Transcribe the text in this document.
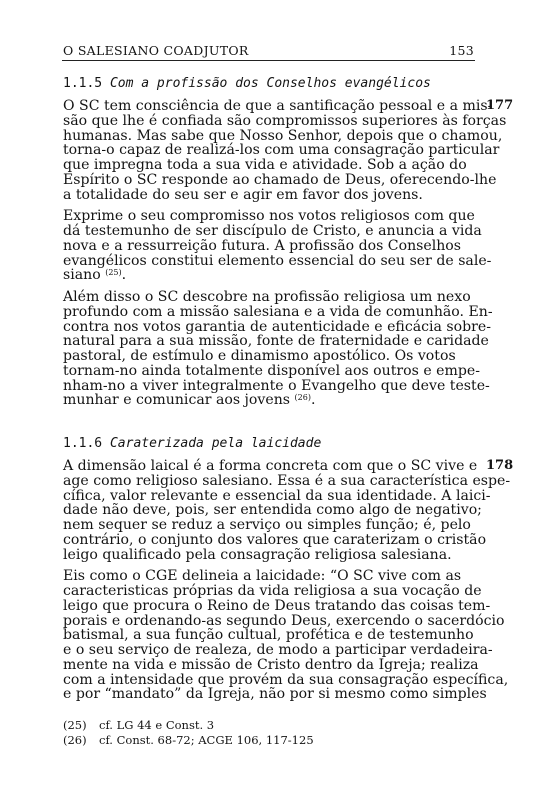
O SALESIANO COADJUTOR	153
1.1.5 Com a profissão dos Conselhos evangélicos
177
O SC tem consciência de que a santificação pessoal e a mis-
são que lhe é confiada são compromissos superiores às forças
humanas. Mas sabe que Nosso Senhor, depois que o chamou,
torna-o capaz de realizá-los com uma consagração particular
que impregna toda a sua vida e atividade. Sob a ação do
Espírito o SC responde ao chamado de Deus, oferecendo-lhe
a totalidade do seu ser e agir em favor dos jovens.
Exprime o seu compromisso nos votos religiosos com que
dá testemunho de ser discípulo de Cristo, e anuncia a vida
nova e a ressurreição futura. A profissão dos Conselhos
evangélicos constitui elemento essencial do seu ser de sale-
siano $^{(25)}$.
Além disso o SC descobre na profissão religiosa um nexo
profundo com a missão salesiana e a vida de comunhão. En-
contra nos votos garantia de autenticidade e eficácia sobre-
natural para a sua missão, fonte de fraternidade e caridade
pastoral, de estímulo e dinamismo apostólico. Os votos
tornam-no ainda totalmente disponível aos outros e empe-
nham-no a viver integralmente o Evangelho que deve teste-
munhar e comunicar aos jovens $^{(26)}$.
1.1.6 Caraterizada pela laicidade
178
A dimensão laical é a forma concreta com que o SC vive e
age como religioso salesiano. Essa é a sua característica espe-
cífica, valor relevante e essencial da sua identidade. A laici-
dade não deve, pois, ser entendida como algo de negativo;
nem sequer se reduz a serviço ou simples função; é, pelo
contrário, o conjunto dos valores que caraterizam o cristão
leigo qualificado pela consagração religiosa salesiana.
Eis como o CGE delineia a laicidade: “O SC vive com as
caracteristicas próprias da vida religiosa a sua vocação de
leigo que procura o Reino de Deus tratando das coisas tem-
porais e ordenando-as segundo Deus, exercendo o sacerdócio
batismal, a sua função cultual, profética e de testemunho
e o seu serviço de realeza, de modo a participar verdadeira-
mente na vida e missão de Cristo dentro da Igreja; realiza
com a intensidade que provém da sua consagração específica,
e por “mandato” da Igreja, não por si mesmo como simples
(25) cf. LG 44 e Const. 3
(26) cf. Const. 68-72; ACGE 106, 117-125
